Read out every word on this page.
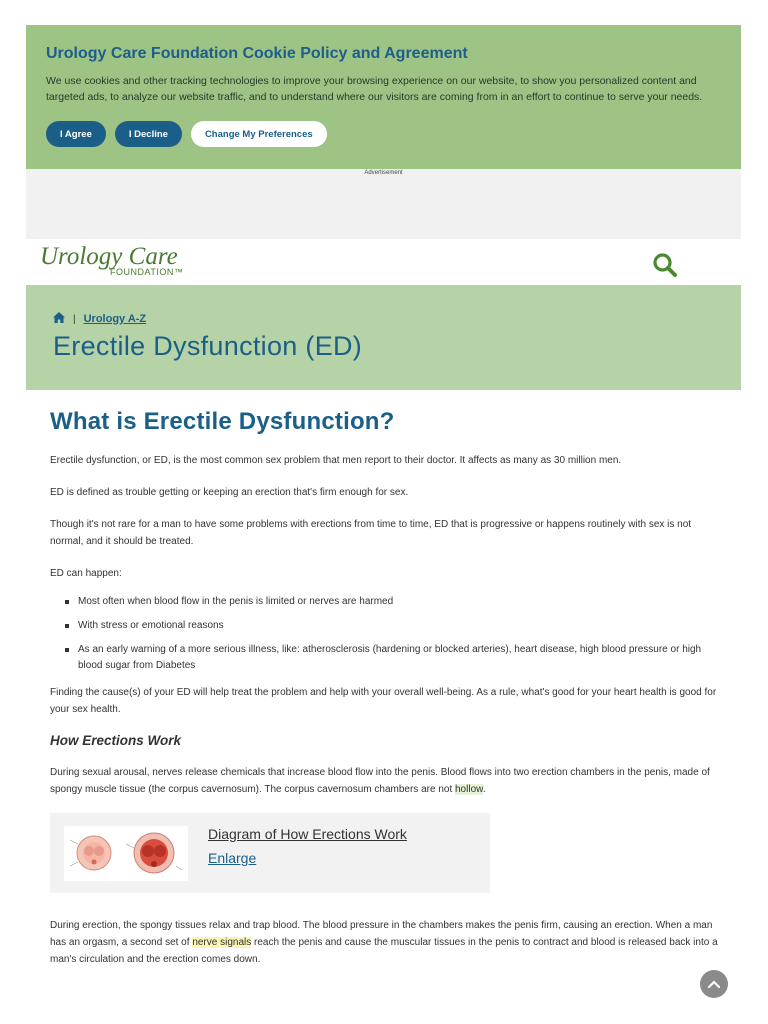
Urology Care Foundation Cookie Policy and Agreement
We use cookies and other tracking technologies to improve your browsing experience on our website, to show you personalized content and targeted ads, to analyze our website traffic, and to understand where our visitors are coming from in an effort to continue to serve your needs.
I Agree	I Decline	Change My Preferences
Advertisement
Urology Care
FOUNDATION™
| Urology A-Z
Erectile Dysfunction (ED)
What is Erectile Dysfunction?

Erectile dysfunction, or ED, is the most common sex problem that men report to their doctor. It affects as many as 30 million men.

ED is defined as trouble getting or keeping an erection that's firm enough for sex.

Though it's not rare for a man to have some problems with erections from time to time, ED that is progressive or happens routinely with sex is not normal, and it should be treated.

ED can happen:

Most often when blood flow in the penis is limited or nerves are harmed
With stress or emotional reasons
As an early warning of a more serious illness, like: atherosclerosis (hardening or blocked arteries), heart disease, high blood pressure or high blood sugar from Diabetes

Finding the cause(s) of your ED will help treat the problem and help with your overall well-being. As a rule, what's good for your heart health is good for your sex health.

How Erections Work

During sexual arousal, nerves release chemicals that increase blood flow into the penis. Blood flows into two erection chambers in the penis, made of spongy muscle tissue (the corpus cavernosum). The corpus cavernosum chambers are not hollow.

Diagram of How Erections Work
Enlarge

During erection, the spongy tissues relax and trap blood. The blood pressure in the chambers makes the penis firm, causing an erection. When a man has an orgasm, a second set of nerve signals reach the penis and cause the muscular tissues in the penis to contract and blood is released back into a man's circulation and the erection comes down.
